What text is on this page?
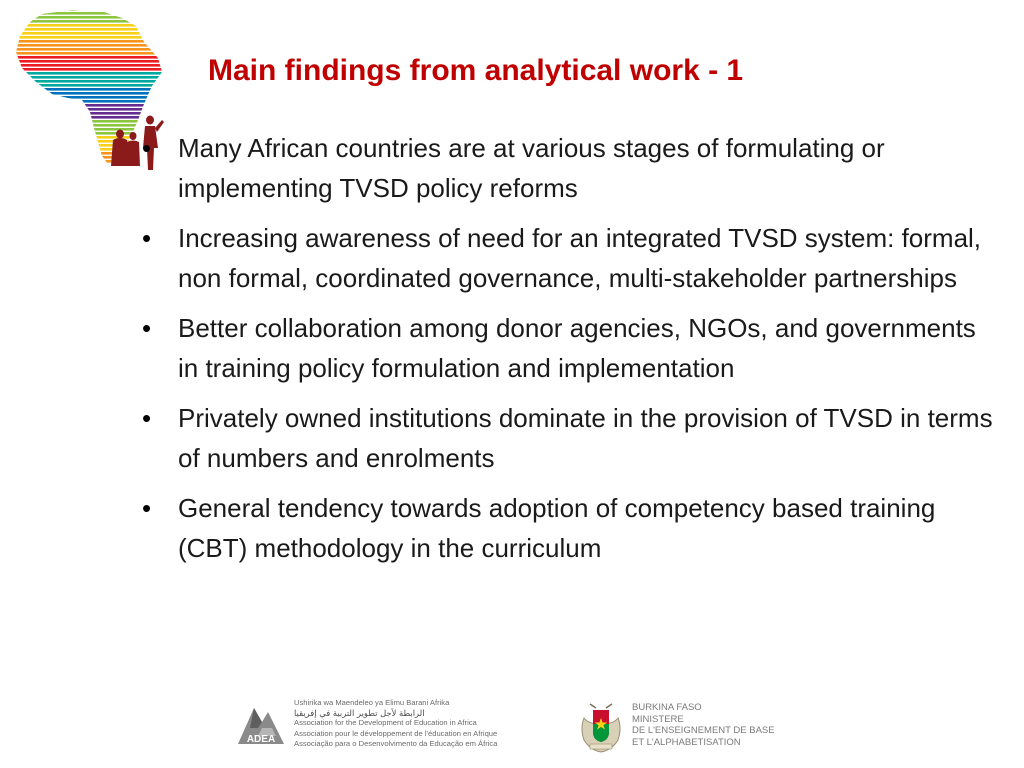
Main findings from analytical work - 1
• Many African countries are at various stages of formulating or implementing TVSD policy reforms
• Increasing awareness of need for an integrated TVSD system: formal, non formal, coordinated governance, multi-stakeholder partnerships
• Better collaboration among donor agencies, NGOs, and governments in training policy formulation and implementation
• Privately owned institutions dominate in the provision of TVSD in terms of numbers and enrolments
• General tendency towards adoption of competency based training (CBT) methodology in the curriculum
ADEA
Ushirika wa Maendeleo ya Elimu Barani Afrika
الرابطة لأجل تطوير التربية في إفريقيا
Association for the Development of Education in Africa
Association pour le développement de l'éducation en Afrique
Associação para o Desenvolvimento da Educação em África
BURKINA FASO
MINISTERE
DE L'ENSEIGNEMENT DE BASE
ET L'ALPHABETISATION
